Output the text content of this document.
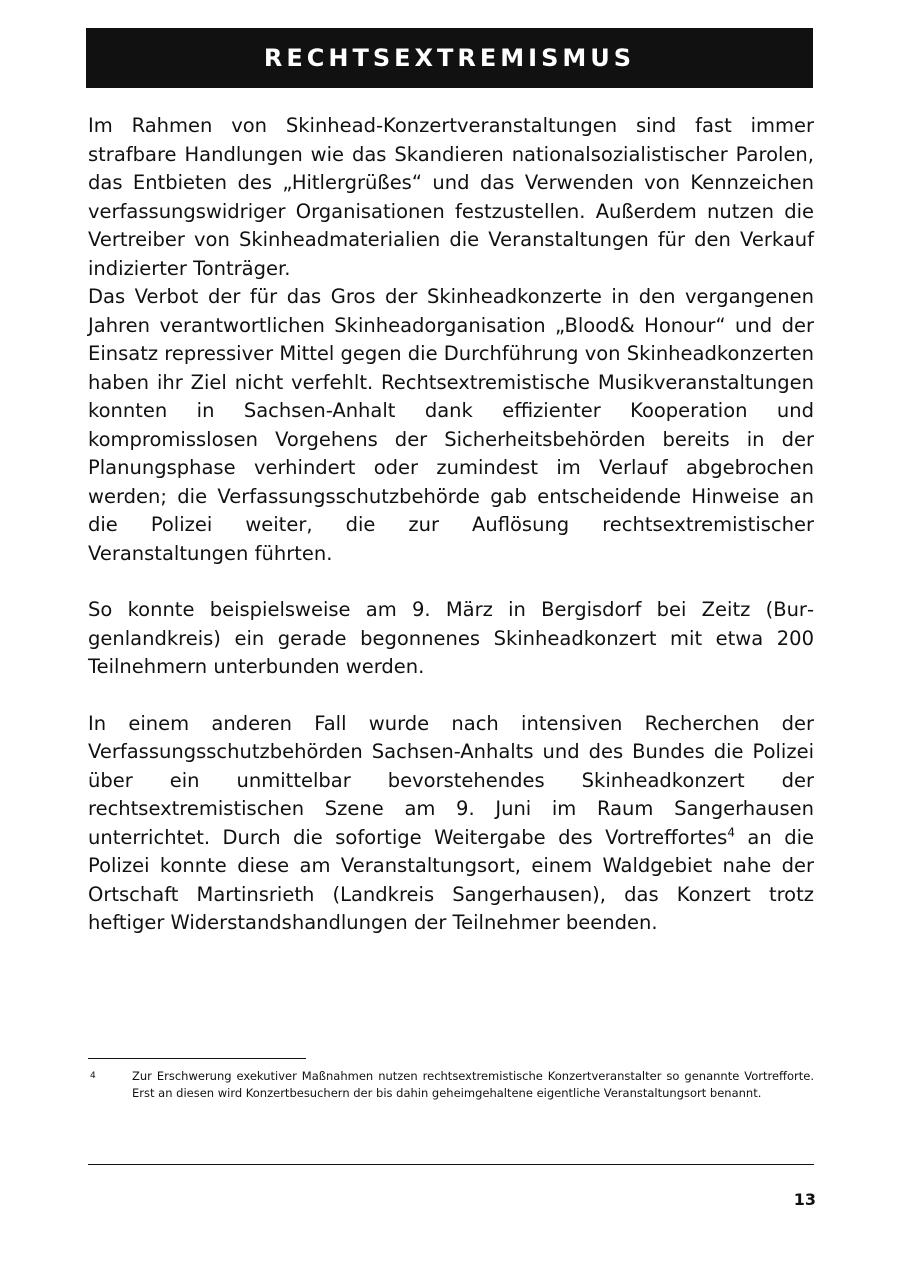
RECHTSEXTREMISMUS

Im Rahmen von Skinhead-Konzertveranstaltungen sind fast immer strafbare Handlungen wie das Skandieren nationalsozialistischer Parolen, das Entbieten des „Hitlergrüßes“ und das Verwenden von Kennzeichen verfassungswidriger Organisationen festzustellen. Außerdem nutzen die Vertreiber von Skinheadmaterialien die Veranstaltungen für den Verkauf indizierter Tonträger.

Das Verbot der für das Gros der Skinheadkonzerte in den vergangenen Jahren verantwortlichen Skinheadorganisation „Blood& Honour“ und der Einsatz repressiver Mittel gegen die Durchführung von Skinheadkonzerten haben ihr Ziel nicht verfehlt. Rechtsextremistische Musikveranstaltungen konnten in Sachsen-Anhalt dank effizienter Kooperation und kompromisslosen Vorgehens der Sicherheitsbehörden bereits in der Planungsphase verhindert oder zumindest im Verlauf abgebrochen werden; die Verfassungsschutzbehörde gab entscheidende Hinweise an die Polizei weiter, die zur Auflösung rechtsextremistischer Veranstaltungen führten.

So konnte beispielsweise am 9. März in Bergisdorf bei Zeitz (Burgenlandkreis) ein gerade begonnenes Skinheadkonzert mit etwa 200 Teilnehmern unterbunden werden.

In einem anderen Fall wurde nach intensiven Recherchen der Verfassungsschutzbehörden Sachsen-Anhalts und des Bundes die Polizei über ein unmittelbar bevorstehendes Skinheadkonzert der rechtsextremistischen Szene am 9. Juni im Raum Sangerhausen unterrichtet. Durch die sofortige Weitergabe des Vortreffortes$^4$ an die Polizei konnte diese am Veranstaltungsort, einem Waldgebiet nahe der Ortschaft Martinsrieth (Landkreis Sangerhausen), das Konzert trotz heftiger Widerstandshandlungen der Teilnehmer beenden.

4	Zur Erschwerung exekutiver Maßnahmen nutzen rechtsextremistische Konzertveranstalter so genannte Vortrefforte. Erst an diesen wird Konzertbesuchern der bis dahin geheimgehaltene eigentliche Veranstaltungsort benannt.
13
